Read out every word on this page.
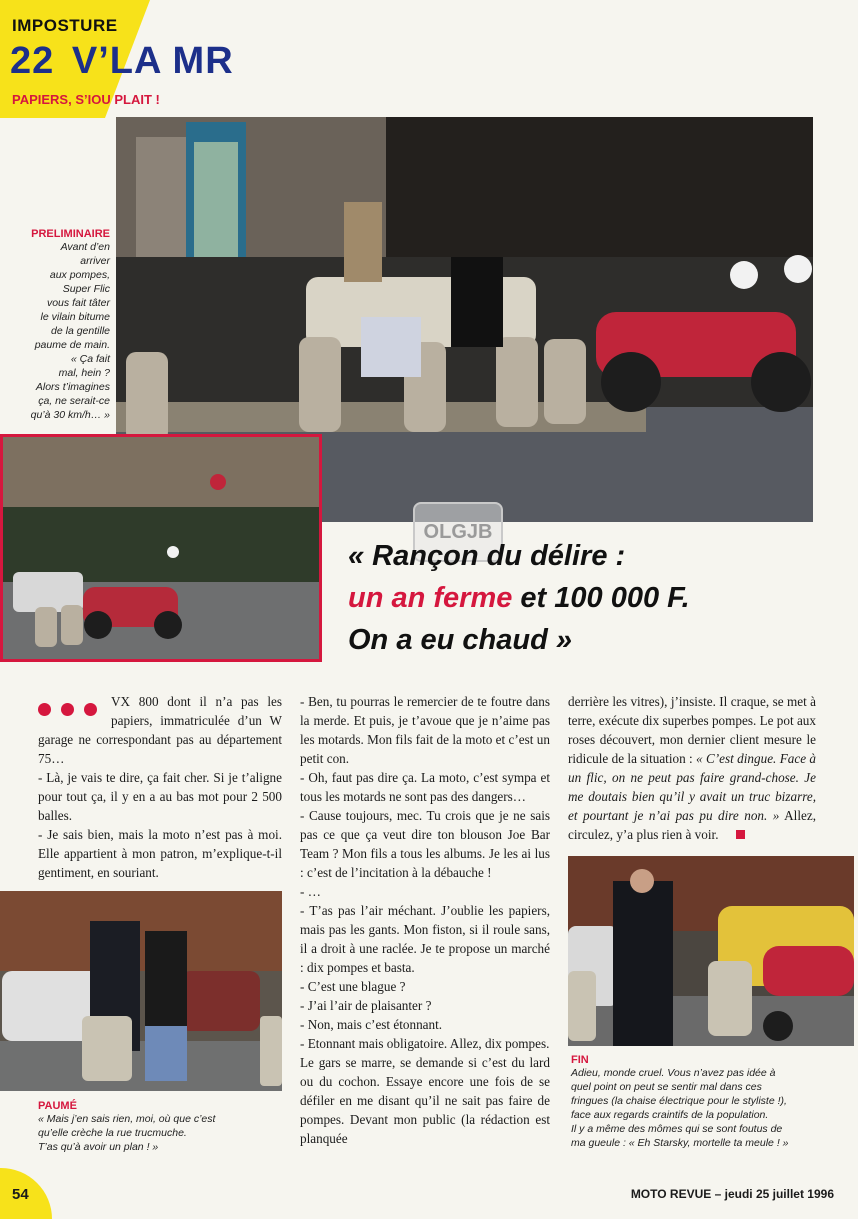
IMPOSTURE
22 V’LA MR
PAPIERS, S’IOU PLAIT !
PRELIMINAIRE
Avant d’en
arriver
aux pompes,
Super Flic
vous fait tâter
le vilain bitume
de la gentille
paume de main.
« Ça fait
mal, hein ?
Alors t’imagines
ça, ne serait-ce
qu’à 30 km/h… »
OLGJB
« Rançon du délire :
un an ferme et 100 000 F.
On a eu chaud »

VX 800 dont il n’a pas les papiers, immatriculée d’un W garage ne correspondant pas au département 75…

- Là, je vais te dire, ça fait cher. Si je t’aligne pour tout ça, il y en a au bas mot pour 2 500 balles.

- Je sais bien, mais la moto n’est pas à moi. Elle appartient à mon patron, m’explique-t-il gentiment, en souriant.

PAUMÉ
« Mais j’en sais rien, moi, où que c’est
qu’elle crèche la rue trucmuche.
T’as qu’à avoir un plan ! »

- Ben, tu pourras le remercier de te foutre dans la merde. Et puis, je t’avoue que je n’aime pas les motards. Mon fils fait de la moto et c’est un petit con.

- Oh, faut pas dire ça. La moto, c’est sympa et tous les motards ne sont pas des dangers…

- Cause toujours, mec. Tu crois que je ne sais pas ce que ça veut dire ton blouson Joe Bar Team ? Mon fils a tous les albums. Je les ai lus : c’est de l’incitation à la débauche !

- …

- T’as pas l’air méchant. J’oublie les papiers, mais pas les gants. Mon fiston, si il roule sans, il a droit à une raclée. Je te propose un marché : dix pompes et basta.

- C’est une blague ?

- J’ai l’air de plaisanter ?

- Non, mais c’est étonnant.

- Etonnant mais obligatoire. Allez, dix pompes.

Le gars se marre, se demande si c’est du lard ou du cochon. Essaye encore une fois de se défiler en me disant qu’il ne sait pas faire de pompes. Devant mon public (la rédaction est planquée

derrière les vitres), j’insiste. Il craque, se met à terre, exécute dix superbes pompes. Le pot aux roses découvert, mon dernier client mesure le ridicule de la situation : « C’est dingue. Face à un flic, on ne peut pas faire grand-chose. Je me doutais bien qu’il y avait un truc bizarre, et pourtant je n’ai pas pu dire non. » Allez, circulez, y’a plus rien à voir.

FIN
Adieu, monde cruel. Vous n’avez pas idée à
quel point on peut se sentir mal dans ces
fringues (la chaise électrique pour le styliste !),
face aux regards craintifs de la population.
Il y a même des mômes qui se sont foutus de
ma gueule : « Eh Starsky, mortelle ta meule ! »
54	MOTO REVUE – jeudi 25 juillet 1996
